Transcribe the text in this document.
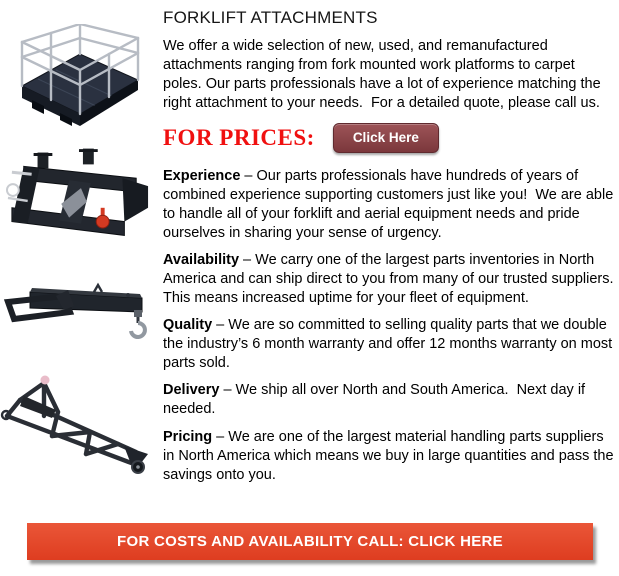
FORKLIFT ATTACHMENTS

We offer a wide selection of new, used, and remanufactured attachments ranging from fork mounted work platforms to carpet poles. Our parts professionals have a lot of experience matching the right attachment to your needs.  For a detailed quote, please call us.

FOR PRICES:	Click Here

Experience – Our parts professionals have hundreds of years of combined experience supporting customers just like you!  We are able to handle all of your forklift and aerial equipment needs and pride ourselves in sharing your sense of urgency.

Availability – We carry one of the largest parts inventories in North America and can ship direct to you from many of our trusted suppliers. This means increased uptime for your fleet of equipment.

Quality – We are so committed to selling quality parts that we double the industry’s 6 month warranty and offer 12 months warranty on most parts sold.

Delivery – We ship all over North and South America.  Next day if needed.

Pricing – We are one of the largest material handling parts suppliers in North America which means we buy in large quantities and pass the savings onto you.

FOR COSTS AND AVAILABILITY CALL: CLICK HERE
